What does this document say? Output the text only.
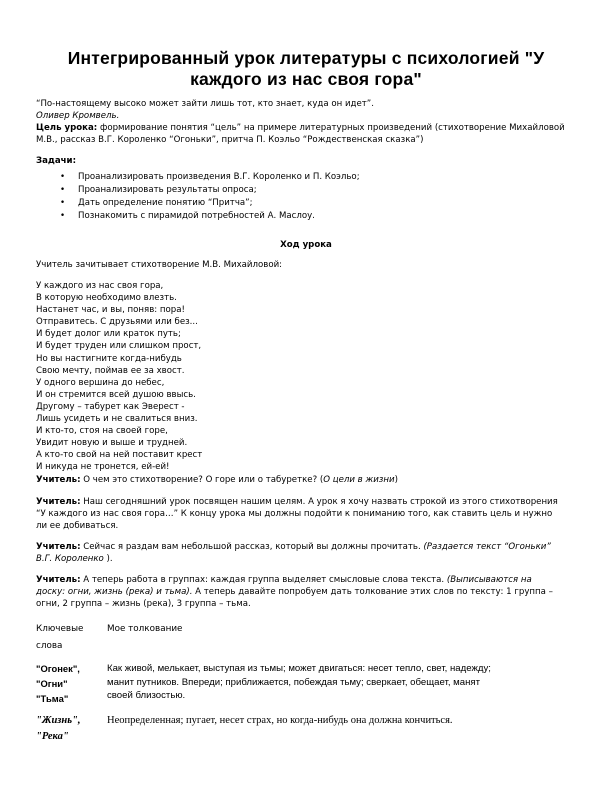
Интегрированный урок литературы с психологией "У
каждого из нас своя гора"
“По-настоящему высоко может зайти лишь тот, кто знает, куда он идет”.
Оливер Кромвель.
Цель урока: формирование понятия “цель” на примере литературных произведений (стихотворение Михайловой
М.В., рассказ В.Г. Короленко “Огоньки”, притча П. Коэльо “Рождественская сказка”)
Задачи:
• Проанализировать произведения В.Г. Короленко и П. Коэльо;
• Проанализировать результаты опроса;
• Дать определение понятию “Притча”;
• Познакомить с пирамидой потребностей А. Маслоу.
Ход урока
Учитель зачитывает стихотворение М.В. Михайловой:
У каждого из нас своя гора,
В которую необходимо влезть.
Настанет час, и вы, поняв: пора!
Отправитесь. С друзьями или без...
И будет долог или краток путь;
И будет труден или слишком прост,
Но вы настигните когда-нибудь
Свою мечту, поймав ее за хвост.
У одного вершина до небес,
И он стремится всей душою ввысь.
Другому – табурет как Эверест -
Лишь усидеть и не свалиться вниз.
И кто-то, стоя на своей горе,
Увидит новую и выше и трудней.
А кто-то свой на ней поставит крест
И никуда не тронется, ей-ей!
Учитель: О чем это стихотворение? О горе или о табуретке? (О цели в жизни)
Учитель: Наш сегодняшний урок посвящен нашим целям. А урок я хочу назвать строкой из этого стихотворения
“У каждого из нас своя гора…” К концу урока мы должны подойти к пониманию того, как ставить цель и нужно
ли ее добиваться.
Учитель: Сейчас я раздам вам небольшой рассказ, который вы должны прочитать. (Раздается текст “Огоньки”
В.Г. Короленко ).
Учитель: А теперь работа в группах: каждая группа выделяет смысловые слова текста. (Выписываются на
доску: огни, жизнь (река) и тьма). А теперь давайте попробуем дать толкование этих слов по тексту: 1 группа –
огни, 2 группа – жизнь (река), 3 группа – тьма.
Ключевые
слова
Мое толкование
"Огонек",
"Огни"
"Тьма"
Как живой, мелькает, выступая из тьмы; может двигаться: несет тепло, свет, надежду;
манит путников. Впереди; приближается, побеждая тьму; сверкает, обещает, манят
своей близостью.
"Жизнь",
"Река"
Неопределенная; пугает, несет страх, но когда-нибудь она должна кончиться.
